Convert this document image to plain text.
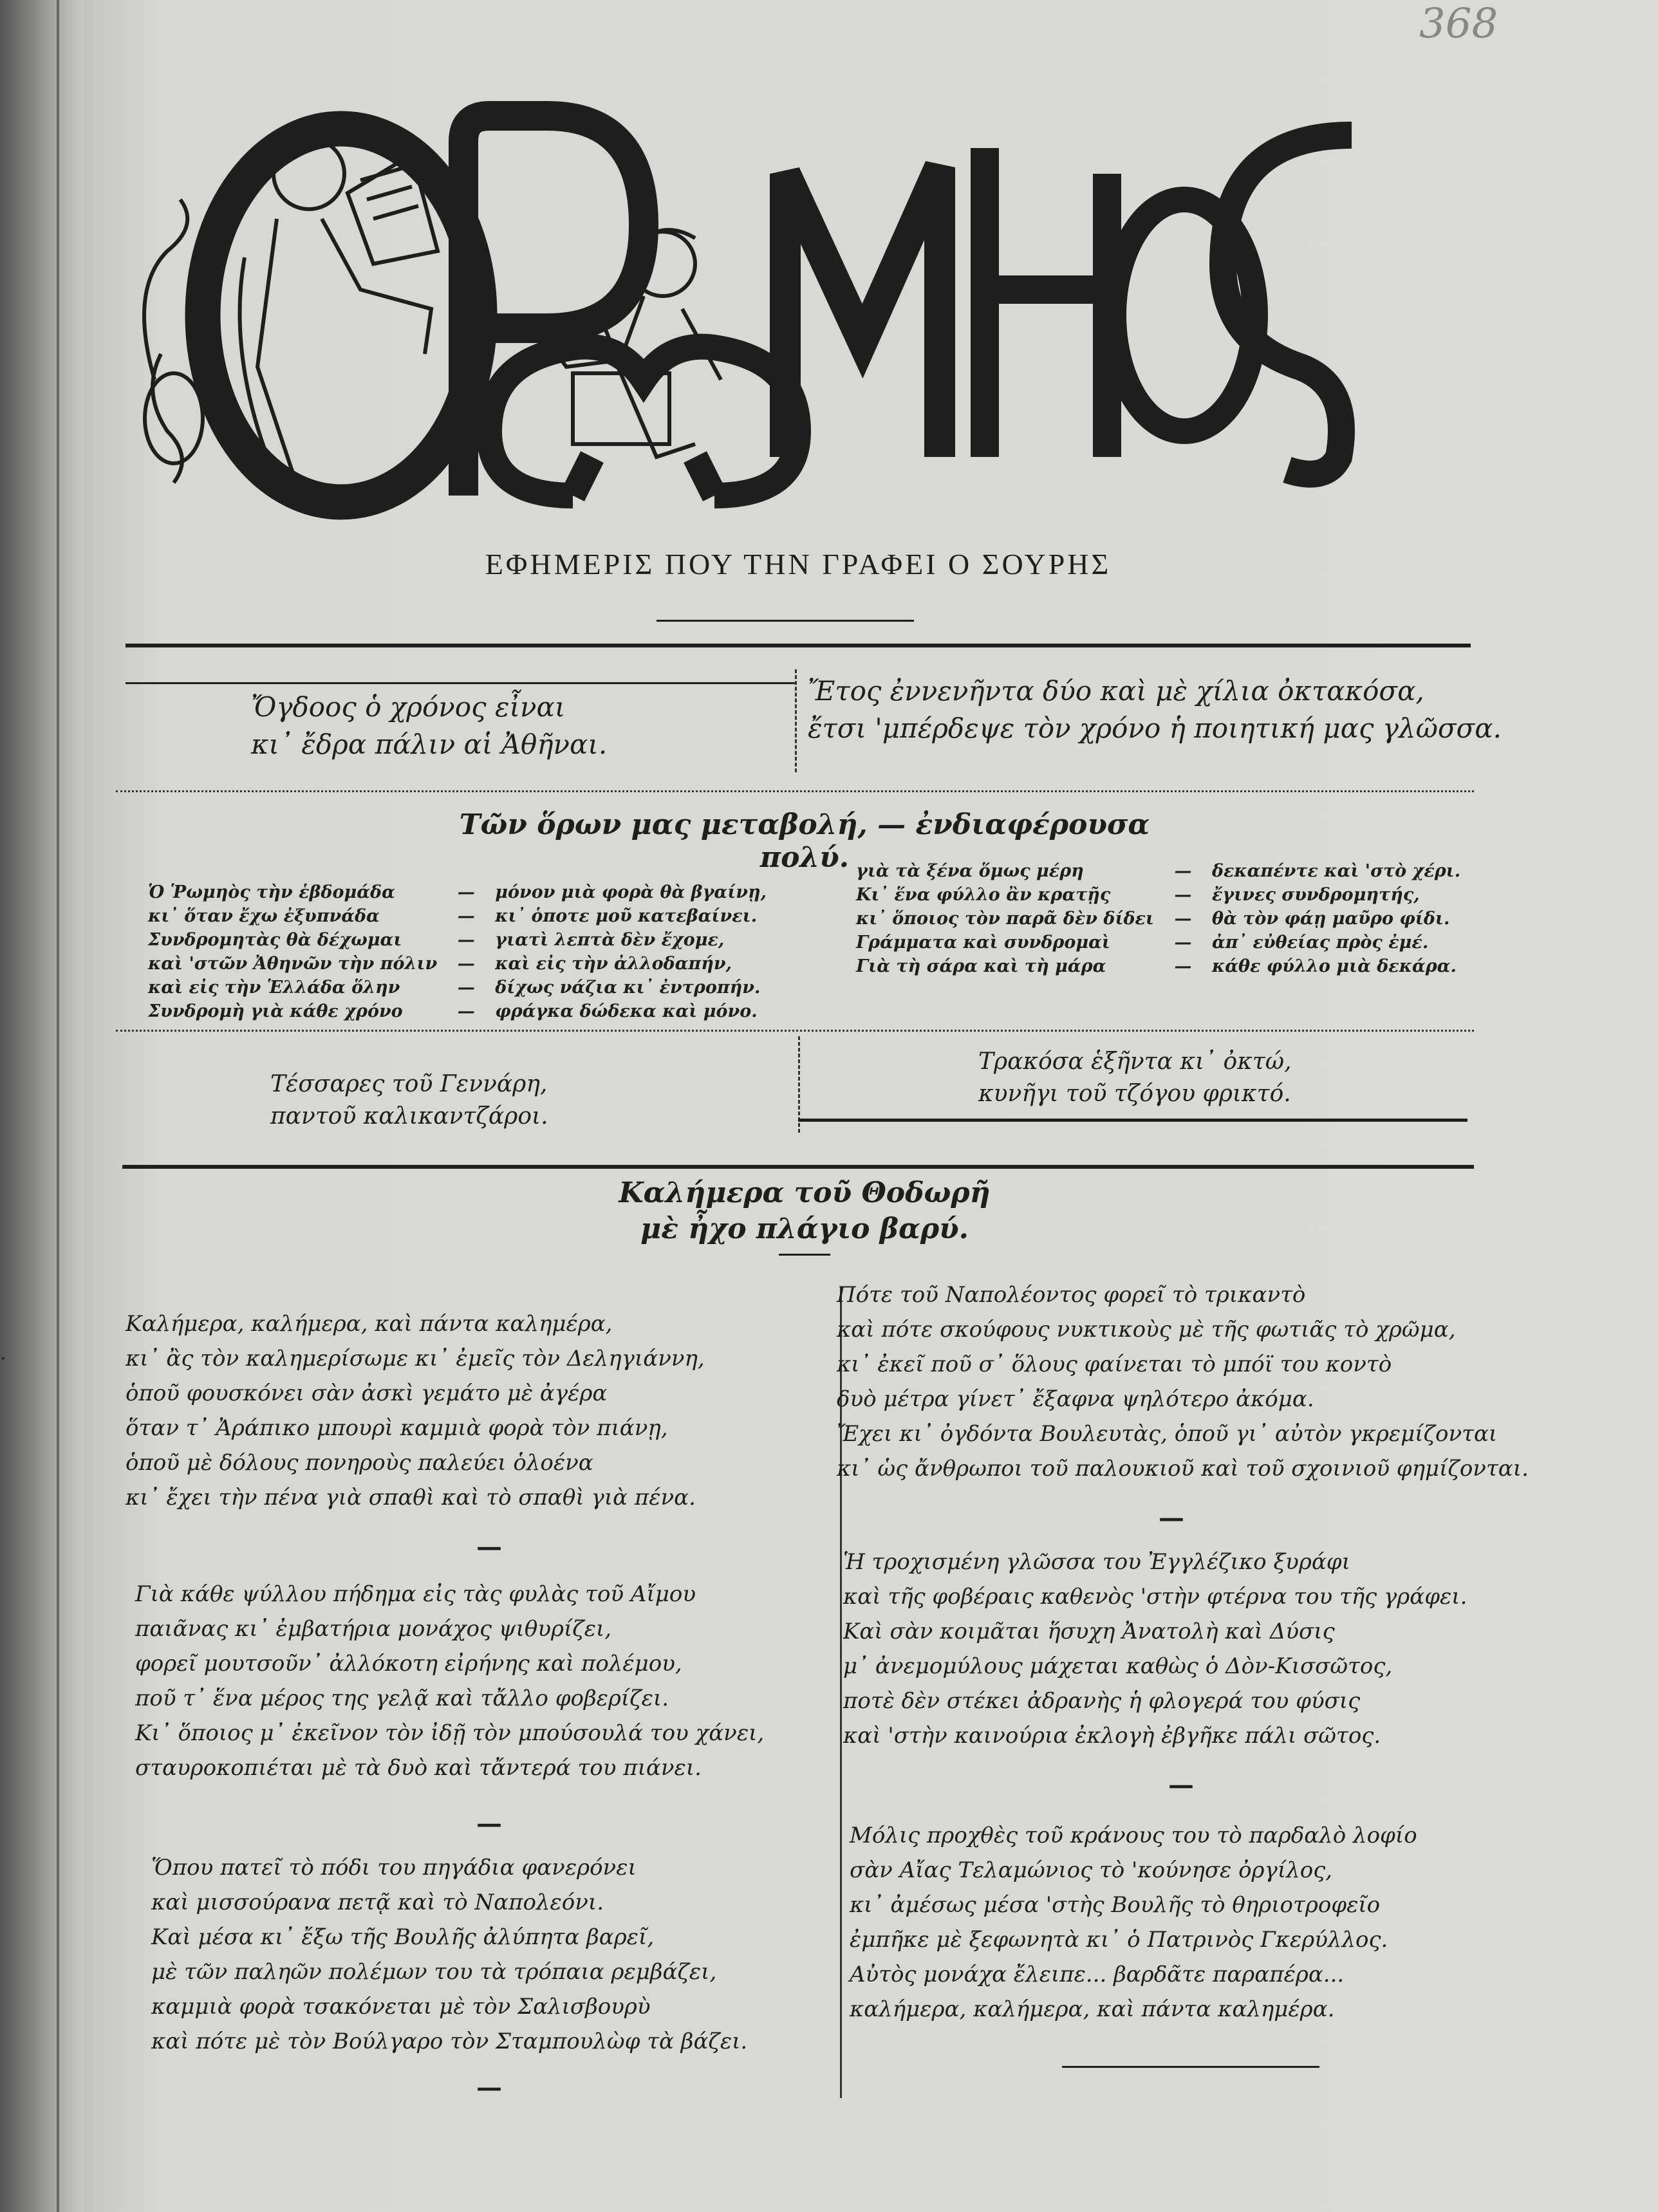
.
368
ΕΦΗΜΕΡΙΣ ΠΟΥ ΤΗΝ ΓΡΑΦΕΙ Ο ΣΟΥΡΗΣ
Ὄγδοος ὁ χρόνος εἶναι
κι᾿ ἔδρα πάλιν αἱ Ἀθῆναι.
Ἔτος ἐννενῆντα δύο καὶ μὲ χίλια ὀκτακόσα,
ἔτσι 'μπέρδεψε τὸν χρόνο ἡ ποιητική μας γλῶσσα.
Τῶν ὅρων μας μεταβολή, — ἐνδιαφέρουσα πολύ.
Ὁ Ῥωμηὸς τὴν ἑβδομάδα	—	μόνον μιὰ φορὰ θὰ βγαίνῃ,
κι᾿ ὅταν ἔχω ἐξυπνάδα	—	κι᾿ ὁποτε μοῦ κατεβαίνει.
Συνδρομητὰς θὰ δέχωμαι	—	γιατὶ λεπτὰ δὲν ἔχομε,
καὶ 'στῶν Ἀθηνῶν τὴν πόλιν	—	καὶ εἰς τὴν ἀλλοδαπήν,
καὶ εἰς τὴν Ἑλλάδα ὅλην	—	δίχως νάζια κι᾿ ἐντροπήν.
Συνδρομὴ γιὰ κάθε χρόνο	—	φράγκα δώδεκα καὶ μόνο.
γιὰ τὰ ξένα ὅμως μέρη	—	δεκαπέντε καὶ 'στὸ χέρι.
Κι᾿ ἕνα φύλλο ἂν κρατῇς	—	ἔγινες συνδρομητής,
κι᾿ ὅποιος τὸν παρᾶ δὲν δίδει	—	θὰ τὸν φάῃ μαῦρο φίδι.
Γράμματα καὶ συνδρομαὶ	—	ἀπ᾿ εὐθείας πρὸς ἐμέ.
Γιὰ τὴ σάρα καὶ τὴ μάρα	—	κάθε φύλλο μιὰ δεκάρα.
Τέσσαρες τοῦ Γεννάρη,
παντοῦ καλικαντζάροι.
Τρακόσα ἑξῆντα κι᾿ ὀκτώ,
κυνῆγι τοῦ τζόγου φρικτό.
Καλήμερα τοῦ Θοδωρῆ
μὲ ἦχο πλάγιο βαρύ.
Καλήμερα, καλήμερα, καὶ πάντα καλημέρα,
κι᾿ ἂς τὸν καλημερίσωμε κι᾿ ἐμεῖς τὸν Δεληγιάννη,
ὁποῦ φουσκόνει σὰν ἀσκὶ γεμάτο μὲ ἀγέρα
ὅταν τ᾿ Ἀράπικο μπουρὶ καμμιὰ φορὰ τὸν πιάνῃ,
ὁποῦ μὲ δόλους πονηροὺς παλεύει ὁλοένα
κι᾿ ἔχει τὴν πένα γιὰ σπαθὶ καὶ τὸ σπαθὶ γιὰ πένα.
—
Γιὰ κάθε ψύλλου πήδημα εἰς τὰς φυλὰς τοῦ Αἴμου
παιᾶνας κι᾿ ἐμβατήρια μονάχος ψιθυρίζει,
φορεῖ μουτσοῦν᾿ ἀλλόκοτη εἰρήνης καὶ πολέμου,
ποῦ τ᾿ ἕνα μέρος της γελᾷ καὶ τἄλλο φοβερίζει.
Κι᾿ ὅποιος μ᾿ ἐκεῖνον τὸν ἰδῇ τὸν μπούσουλά του χάνει,
σταυροκοπιέται μὲ τὰ δυὸ καὶ τἄντερά του πιάνει.
—
Ὅπου πατεῖ τὸ πόδι του πηγάδια φανερόνει
καὶ μισσούρανα πετᾷ καὶ τὸ Ναπολεόνι.
Καὶ μέσα κι᾿ ἔξω τῆς Βουλῆς ἀλύπητα βαρεῖ,
μὲ τῶν παληῶν πολέμων του τὰ τρόπαια ρεμβάζει,
καμμιὰ φορὰ τσακόνεται μὲ τὸν Σαλισβουρὺ
καὶ πότε μὲ τὸν Βούλγαρο τὸν Σταμπουλὼφ τὰ βάζει.
—
Πότε τοῦ Ναπολέοντος φορεῖ τὸ τρικαντὸ
καὶ πότε σκούφους νυκτικοὺς μὲ τῆς φωτιᾶς τὸ χρῶμα,
κι᾿ ἐκεῖ ποῦ σ᾿ ὅλους φαίνεται τὸ μπόϊ του κοντὸ
δυὸ μέτρα γίνετ᾿ ἔξαφνα ψηλότερο ἀκόμα.
Ἔχει κι᾿ ὀγδόντα Βουλευτὰς, ὁποῦ γι᾿ αὐτὸν γκρεμίζονται
κι᾿ ὡς ἄνθρωποι τοῦ παλουκιοῦ καὶ τοῦ σχοινιοῦ φημίζονται.
—
Ἡ τροχισμένη γλῶσσα του Ἐγγλέζικο ξυράφι
καὶ τῆς φοβέραις καθενὸς 'στὴν φτέρνα του τῆς γράφει.
Καὶ σὰν κοιμᾶται ἥσυχη Ἀνατολὴ καὶ Δύσις
μ᾿ ἀνεμομύλους μάχεται καθὼς ὁ Δὸν-Κισσῶτος,
ποτὲ δὲν στέκει ἀδρανὴς ἡ φλογερά του φύσις
καὶ 'στὴν καινούρια ἐκλογὴ ἐβγῆκε πάλι σῶτος.
—
Μόλις προχθὲς τοῦ κράνους του τὸ παρδαλὸ λοφίο
σὰν Αἴας Τελαμώνιος τὸ 'κούνησε ὀργίλος,
κι᾿ ἀμέσως μέσα 'στὴς Βουλῆς τὸ θηριοτροφεῖο
ἐμπῆκε μὲ ξεφωνητὰ κι᾿ ὁ Πατρινὸς Γκερύλλος.
Αὐτὸς μονάχα ἔλειπε... βαρδᾶτε παραπέρα...
καλήμερα, καλήμερα, καὶ πάντα καλημέρα.
